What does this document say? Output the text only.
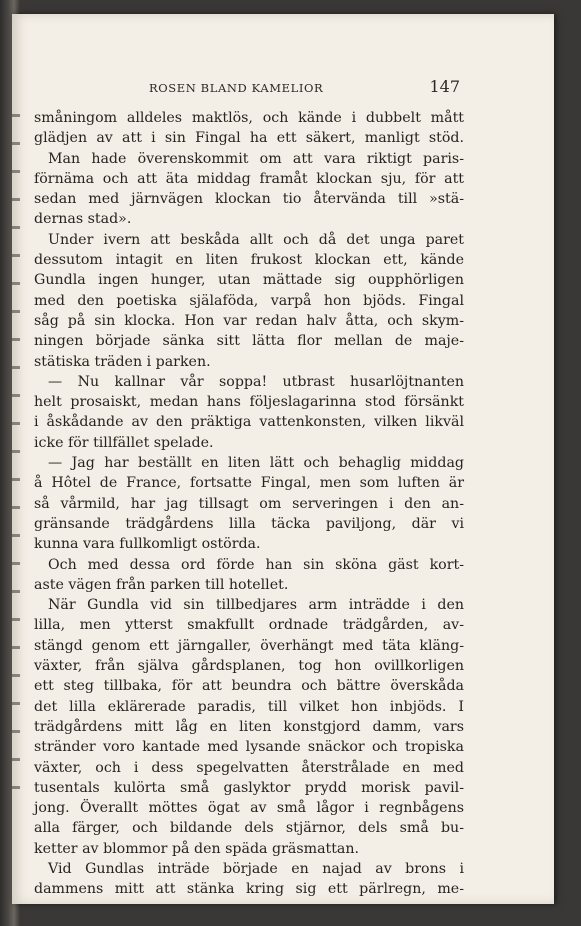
ROSEN BLAND KAMELIOR	147
småningom alldeles maktlös, och kände i dubbelt mått
glädjen av att i sin Fingal ha ett säkert, manligt stöd.
Man hade överenskommit om att vara riktigt paris-
förnäma och att äta middag framåt klockan sju, för att
sedan med järnvägen klockan tio återvända till »stä-
dernas stad».
Under ivern att beskåda allt och då det unga paret
dessutom intagit en liten frukost klockan ett, kände
Gundla ingen hunger, utan mättade sig oupphörligen
med den poetiska själaföda, varpå hon bjöds. Fingal
såg på sin klocka. Hon var redan halv åtta, och skym-
ningen började sänka sitt lätta flor mellan de maje-
stätiska träden i parken.
— Nu kallnar vår soppa! utbrast husarlöjtnanten
helt prosaiskt, medan hans följeslagarinna stod försänkt
i åskådande av den präktiga vattenkonsten, vilken likväl
icke för tillfället spelade.
— Jag har beställt en liten lätt och behaglig middag
å Hôtel de France, fortsatte Fingal, men som luften är
så vårmild, har jag tillsagt om serveringen i den an-
gränsande trädgårdens lilla täcka paviljong, där vi
kunna vara fullkomligt ostörda.
Och med dessa ord förde han sin sköna gäst kort-
aste vägen från parken till hotellet.
När Gundla vid sin tillbedjares arm inträdde i den
lilla, men ytterst smakfullt ordnade trädgården, av-
stängd genom ett järngaller, överhängt med täta kläng-
växter, från själva gårdsplanen, tog hon ovillkorligen
ett steg tillbaka, för att beundra och bättre överskåda
det lilla eklärerade paradis, till vilket hon inbjöds. I
trädgårdens mitt låg en liten konstgjord damm, vars
stränder voro kantade med lysande snäckor och tropiska
växter, och i dess spegelvatten återstrålade en med
tusentals kulörta små gaslyktor prydd morisk pavil-
jong. Överallt möttes ögat av små lågor i regnbågens
alla färger, och bildande dels stjärnor, dels små bu-
ketter av blommor på den späda gräsmattan.
Vid Gundlas inträde började en najad av brons i
dammens mitt att stänka kring sig ett pärlregn, me-
